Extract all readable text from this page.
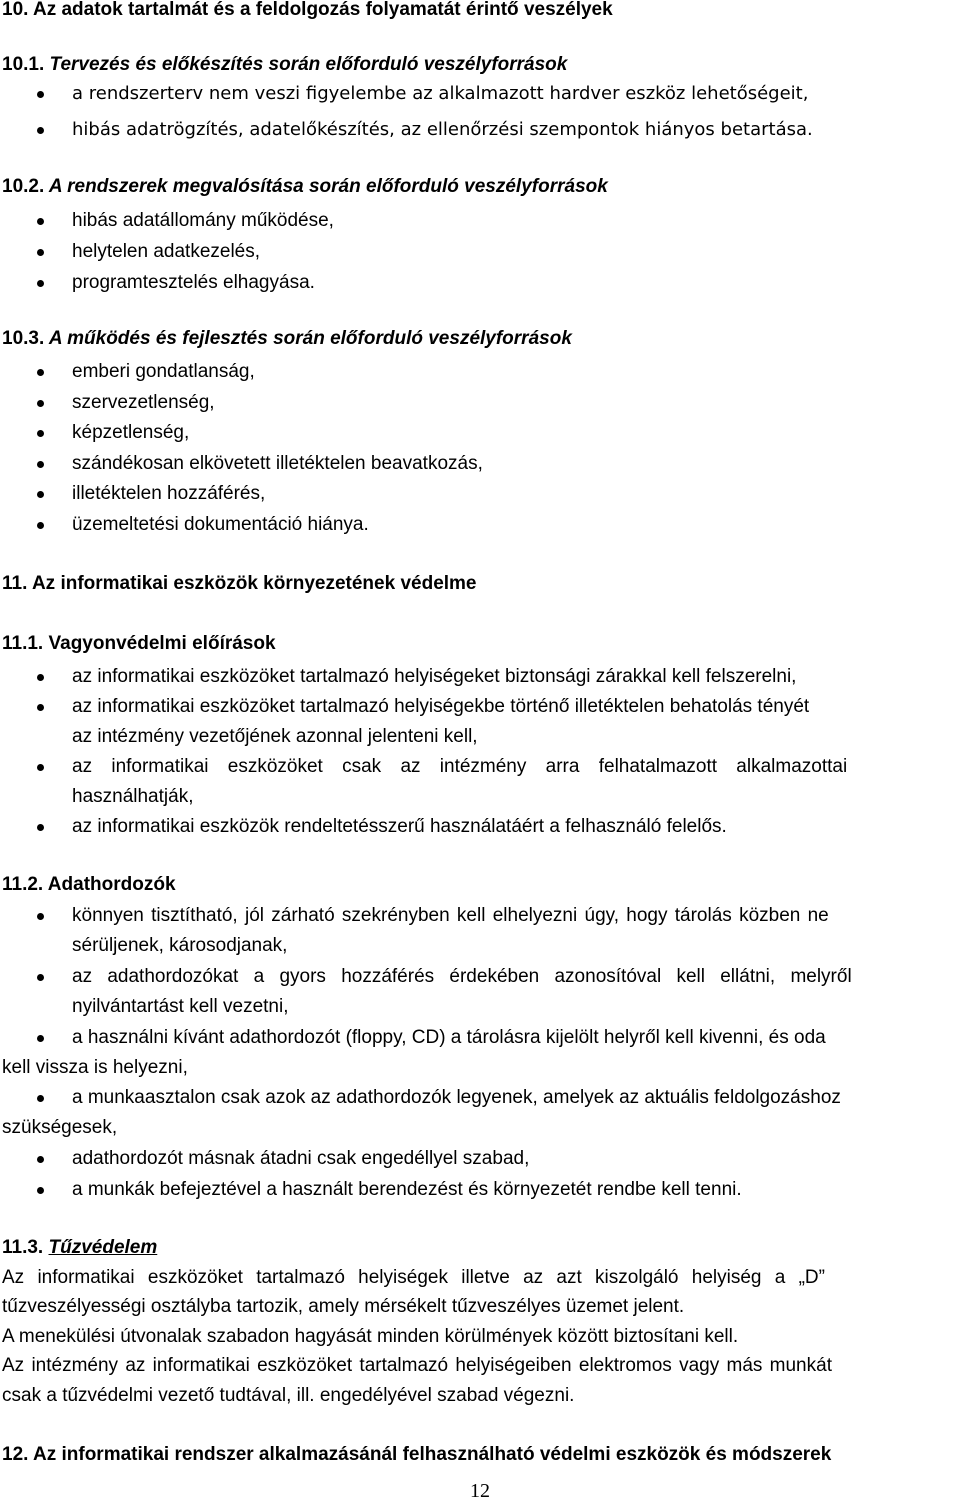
10. Az adatok tartalmát és a feldolgozás folyamatát érintő veszélyek
10.1. Tervezés és előkészítés során előforduló veszélyforrások
a rendszerterv nem veszi figyelembe az alkalmazott hardver eszköz lehetőségeit,
hibás adatrögzítés, adatelőkészítés, az ellenőrzési szempontok hiányos betartása.
10.2. A rendszerek megvalósítása során előforduló veszélyforrások
hibás adatállomány működése,
helytelen adatkezelés,
programtesztelés elhagyása.
10.3. A működés és fejlesztés során előforduló veszélyforrások
emberi gondatlanság,
szervezetlenség,
képzetlenség,
szándékosan elkövetett illetéktelen beavatkozás,
illetéktelen hozzáférés,
üzemeltetési dokumentáció hiánya.
11. Az informatikai eszközök környezetének védelme
11.1. Vagyonvédelmi előírások
az informatikai eszközöket tartalmazó helyiségeket biztonsági zárakkal kell felszerelni,
az informatikai eszközöket tartalmazó helyiségekbe történő illetéktelen behatolás tényét
az intézmény vezetőjének azonnal jelenteni kell,
az informatikai eszközöket csak az intézmény arra felhatalmazott alkalmazottai
használhatják,
az informatikai eszközök rendeltetésszerű használatáért a felhasználó felelős.
11.2. Adathordozók
könnyen tisztítható, jól zárható szekrényben kell elhelyezni úgy, hogy tárolás közben ne
sérüljenek, károsodjanak,
az adathordozókat a gyors hozzáférés érdekében azonosítóval kell ellátni, melyről
nyilvántartást kell vezetni,
a használni kívánt adathordozót (floppy, CD) a tárolásra kijelölt helyről kell kivenni, és oda
kell vissza is helyezni,
a munkaasztalon csak azok az adathordozók legyenek, amelyek az aktuális feldolgozáshoz
szükségesek,
adathordozót másnak átadni csak engedéllyel szabad,
a munkák befejeztével a használt berendezést és környezetét rendbe kell tenni.
11.3. Tűzvédelem
Az informatikai eszközöket tartalmazó helyiségek illetve az azt kiszolgáló helyiség a „D”
tűzveszélyességi osztályba tartozik, amely mérsékelt tűzveszélyes üzemet jelent.
A menekülési útvonalak szabadon hagyását minden körülmények között biztosítani kell.
Az intézmény az informatikai eszközöket tartalmazó helyiségeiben elektromos vagy más munkát
csak a tűzvédelmi vezető tudtával, ill. engedélyével szabad végezni.
12. Az informatikai rendszer alkalmazásánál felhasználható védelmi eszközök és módszerek
12
